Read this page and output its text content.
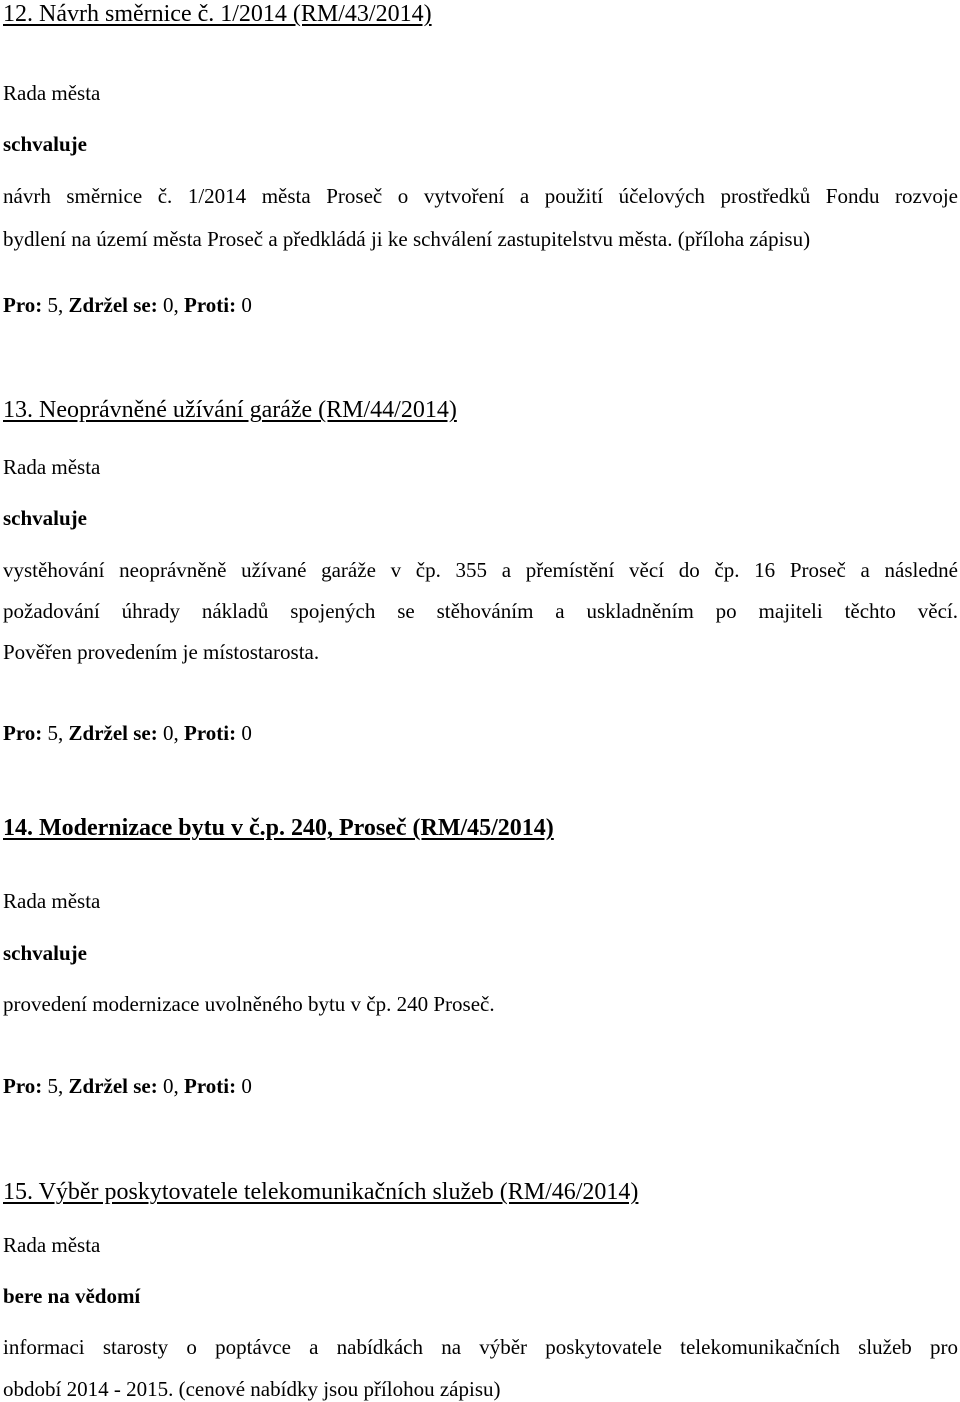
12. Návrh směrnice č. 1/2014 (RM/43/2014)
Rada města
schvaluje
návrh směrnice č. 1/2014 města Proseč o vytvoření a použití účelových prostředků Fondu rozvoje
bydlení na území města Proseč a předkládá ji ke schválení zastupitelstvu města. (příloha zápisu)
Pro: 5, Zdržel se: 0, Proti: 0
13. Neoprávněné užívání garáže (RM/44/2014)
Rada města
schvaluje
vystěhování neoprávněně užívané garáže v čp. 355 a přemístění věcí do čp. 16 Proseč a následné
požadování úhrady nákladů spojených se stěhováním a uskladněním po majiteli těchto věcí.
Pověřen provedením je místostarosta.
Pro: 5, Zdržel se: 0, Proti: 0
14. Modernizace bytu v č.p. 240, Proseč (RM/45/2014)
Rada města
schvaluje
provedení modernizace uvolněného bytu v čp. 240 Proseč.
Pro: 5, Zdržel se: 0, Proti: 0
15. Výběr poskytovatele telekomunikačních služeb (RM/46/2014)
Rada města
bere na vědomí
informaci starosty o poptávce a nabídkách na výběr poskytovatele telekomunikačních služeb pro
období 2014 - 2015. (cenové nabídky jsou přílohou zápisu)
